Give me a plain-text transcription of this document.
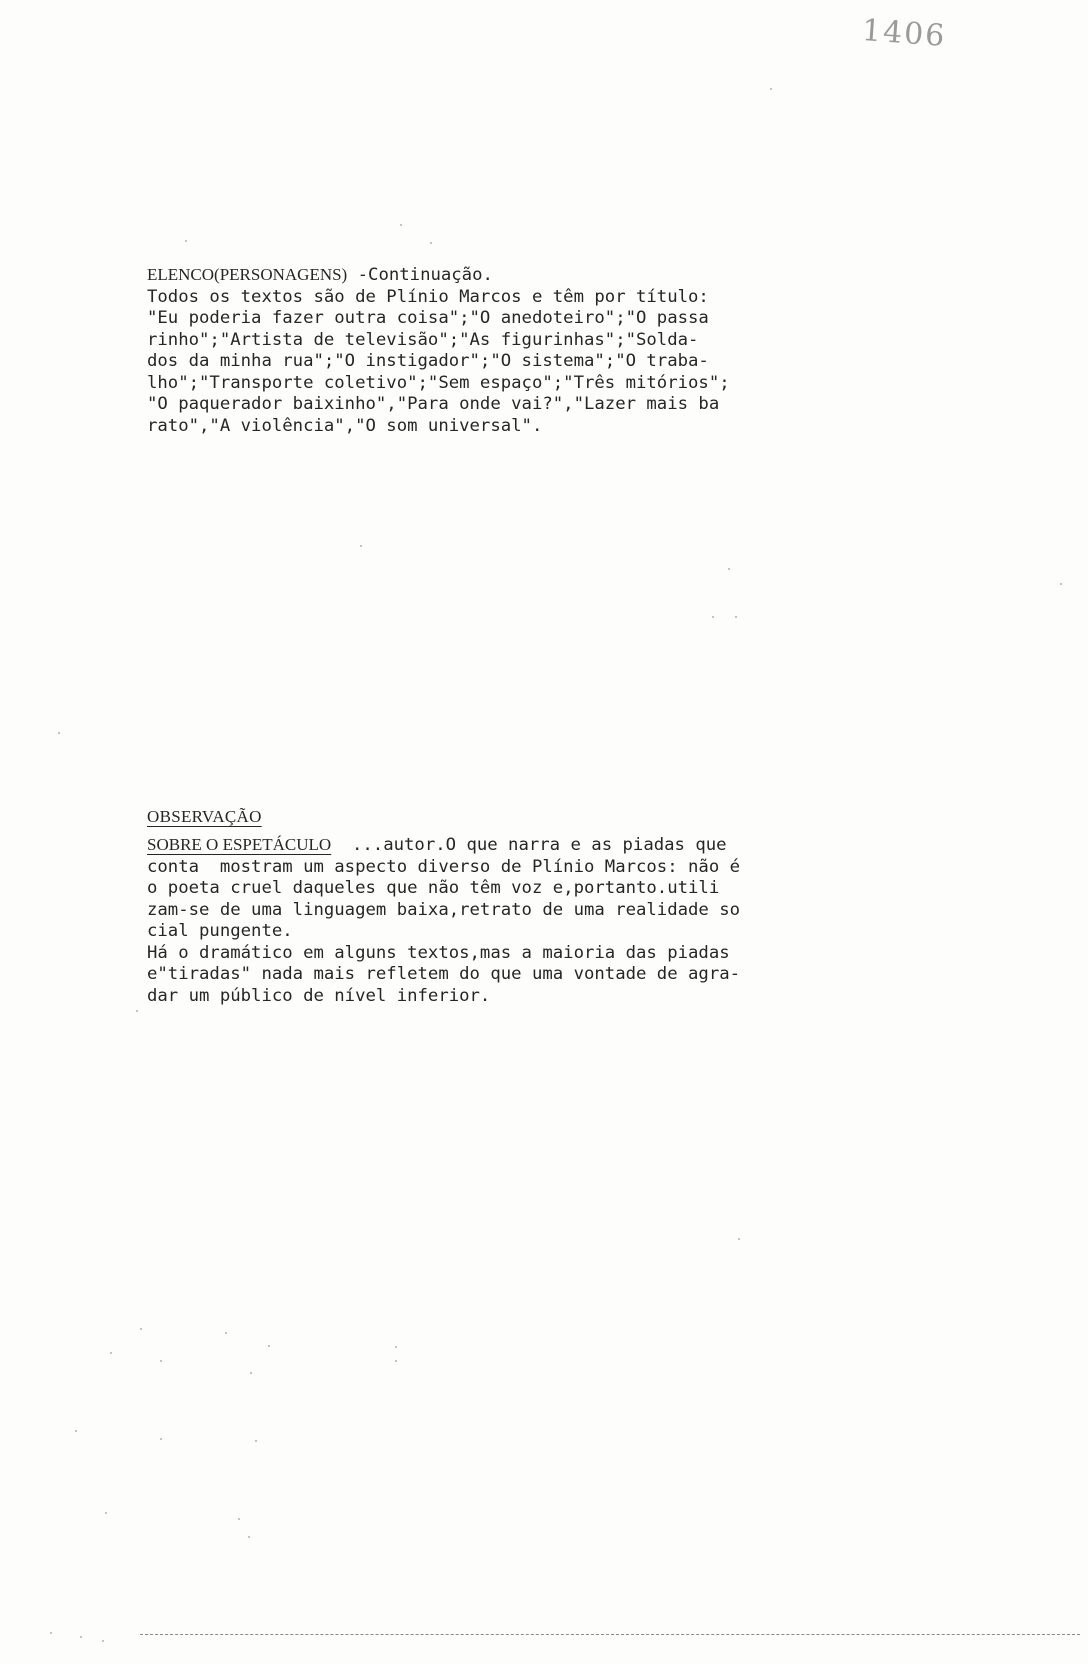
1406
ELENCO(PERSONAGENS) -Continuação.
Todos os textos são de Plínio Marcos e têm por título:
"Eu poderia fazer outra coisa";"O anedoteiro";"O passa
rinho";"Artista de televisão";"As figurinhas";"Solda-
dos da minha rua";"O instigador";"O sistema";"O traba-
lho";"Transporte coletivo";"Sem espaço";"Três mitórios";
"O paquerador baixinho","Para onde vai?","Lazer mais ba
rato","A violência","O som universal".
OBSERVAÇÃO
SOBRE O ESPETÁCULO  ...autor.O que narra e as piadas que
conta  mostram um aspecto diverso de Plínio Marcos: não é
o poeta cruel daqueles que não têm voz e,portanto.utili
zam-se de uma linguagem baixa,retrato de uma realidade so
cial pungente.
Há o dramático em alguns textos,mas a maioria das piadas
e"tiradas" nada mais refletem do que uma vontade de agra-
dar um público de nível inferior.
